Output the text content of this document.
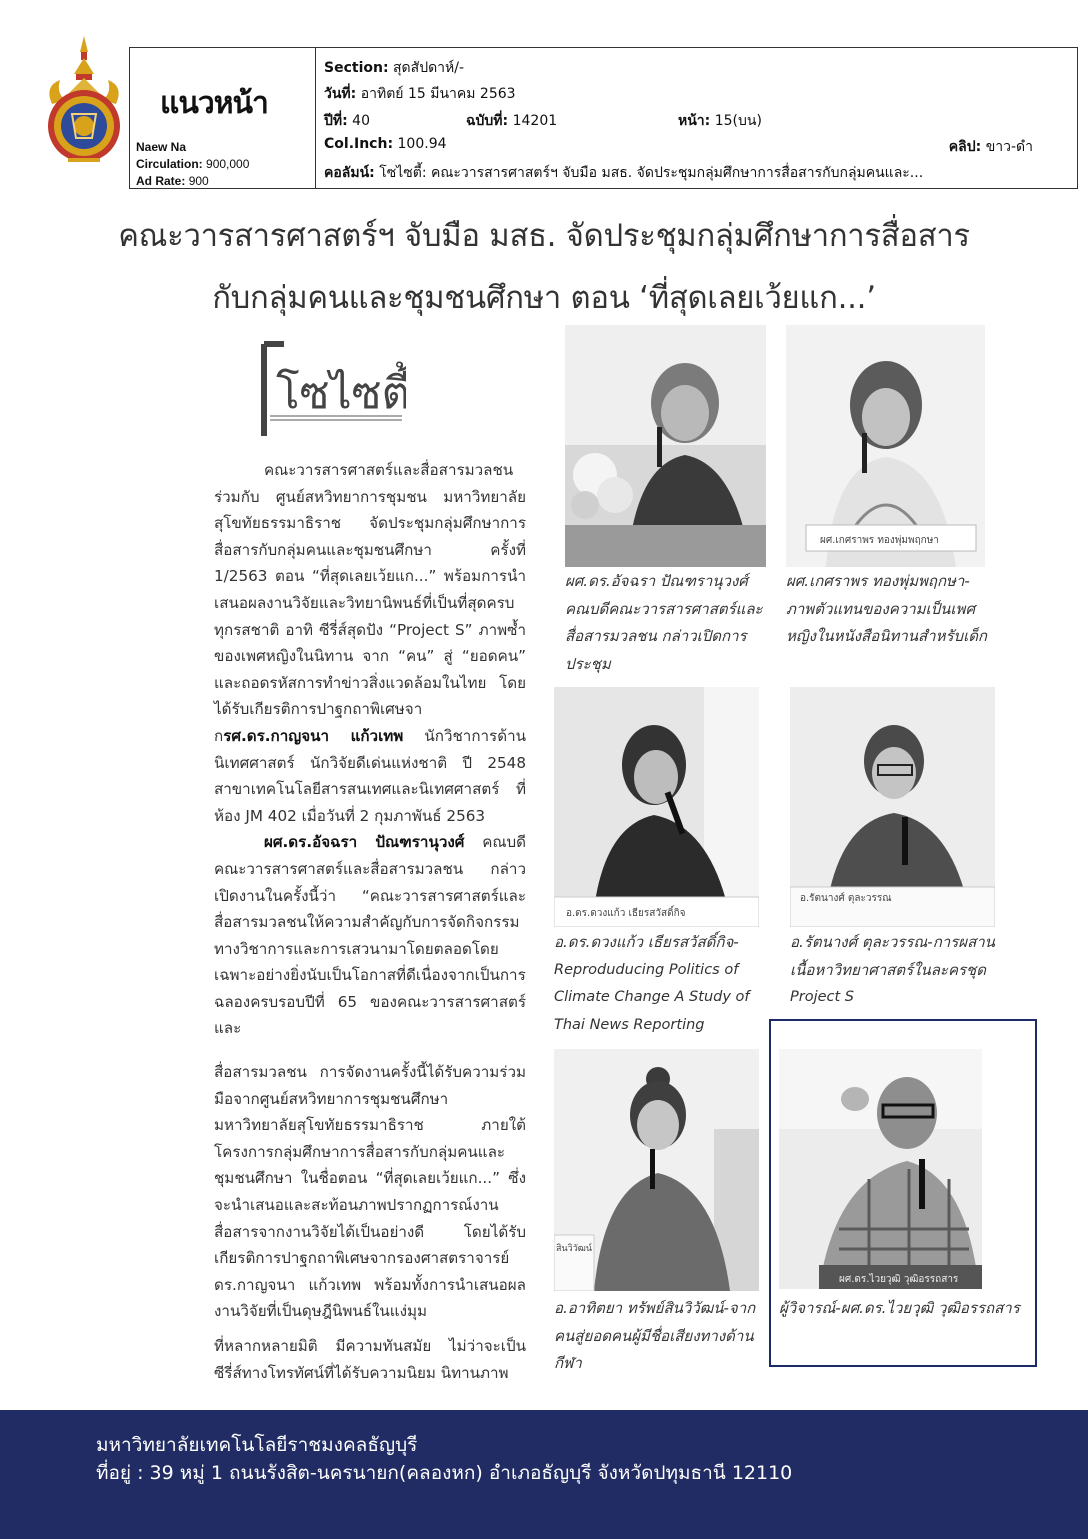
แนวหน้า
Naew Na
Circulation: 900,000
Ad Rate: 900
Section: สุดสัปดาห์/-
วันที่: อาทิตย์ 15 มีนาคม 2563
ปีที่: 40	ฉบับที่: 14201	หน้า: 15(บน)
Col.Inch: 100.94	คลิป: ขาว-ดำ
คอลัมน์: โซไซตี้: คณะวารสารศาสตร์ฯ จับมือ มสธ. จัดประชุมกลุ่มศึกษาการสื่อสารกับกลุ่มคนและ...
คณะวารสารศาสตร์ฯ จับมือ มสธ. จัดประชุมกลุ่มศึกษาการสื่อสาร
กับกลุ่มคนและชุมชนศึกษา ตอน ‘ที่สุดเลยเว้ยแก...’
โซไซตี้

คณะวารสารศาสตร์และสื่อสารมวลชน ร่วมกับ ศูนย์สหวิทยาการชุมชน มหาวิทยาลัยสุโขทัยธรรมาธิราช จัดประชุมกลุ่มศึกษาการสื่อสารกับกลุ่มคนและชุมชนศึกษา ครั้งที่ 1/2563 ตอน “ที่สุดเลยเว้ยแก...” พร้อมการนำเสนอผลงานวิจัยและวิทยานิพนธ์ที่เป็นที่สุดครบทุกรสชาติ อาทิ ซีรี่ส์สุดปัง “Project S” ภาพซ้ำของเพศหญิงในนิทาน จาก “คน” สู่ “ยอดคน” และถอดรหัสการทำข่าวสิ่งแวดล้อมในไทย โดยได้รับเกียรติการปาฐกถาพิเศษจากรศ.ดร.กาญจนา แก้วเทพ นักวิชาการด้านนิเทศศาสตร์ นักวิจัยดีเด่นแห่งชาติ ปี 2548 สาขาเทคโนโลยีสารสนเทศและนิเทศศาสตร์ ที่ห้อง JM 402 เมื่อวันที่ 2 กุมภาพันธ์ 2563

ผศ.ดร.อัจฉรา ปัณฑรานุวงศ์ คณบดีคณะวารสารศาสตร์และสื่อสารมวลชน กล่าวเปิดงานในครั้งนี้ว่า “คณะวารสารศาสตร์และสื่อสารมวลชนให้ความสำคัญกับการจัดกิจกรรมทางวิชาการและการเสวนามาโดยตลอดโดยเฉพาะอย่างยิ่งนับเป็นโอกาสที่ดีเนื่องจากเป็นการฉลองครบรอบปีที่ 65 ของคณะวารสารศาสตร์และ

สื่อสารมวลชน การจัดงานครั้งนี้ได้รับความร่วมมือจากศูนย์สหวิทยาการชุมชนศึกษา มหาวิทยาลัยสุโขทัยธรรมาธิราช ภายใต้โครงการกลุ่มศึกษาการสื่อสารกับกลุ่มคนและชุมชนศึกษา ในชื่อตอน “ที่สุดเลยเว้ยแก...” ซึ่งจะนำเสนอและสะท้อนภาพปรากฏการณ์งานสื่อสารจากงานวิจัยได้เป็นอย่างดี โดยได้รับเกียรติการปาฐกถาพิเศษจากรองศาสตราจารย์ ดร.กาญจนา แก้วเทพ พร้อมทั้งการนำเสนอผลงานวิจัยที่เป็นดุษฎีนิพนธ์ในแง่มุม

ที่หลากหลายมิติ มีความทันสมัย ไม่ว่าจะเป็นซีรี่ส์ทางโทรทัศน์ที่ได้รับความนิยม นิทานภาพ

ผศ.ดร.อัจฉรา ปัณฑรานุวงศ์ คณบดีคณะวารสารศาสตร์และสื่อสารมวลชน กล่าวเปิดการประชุม
ผศ.เกศราพร ทองพุ่มพฤกษา
ผศ.เกศราพร ทองพุ่มพฤกษา-ภาพตัวแทนของความเป็นเพศหญิงในหนังสือนิทานสำหรับเด็ก
อ.ดร.ดวงแก้ว เธียรสวัสดิ์กิจ
อ.ดร.ดวงแก้ว เธียรสวัสดิ์กิจ-
Reproduducing Politics of Climate Change A Study of Thai News Reporting
อ.รัตนางศ์ ตุละวรรณ
อ.รัตนางศ์ ตุละวรรณ-การผสานเนื้อหาวิทยาศาสตร์ในละครชุด
Project S
สินวิวัฒน์
อ.อาทิตยา ทรัพย์สินวิวัฒน์-จากคนสู่ยอดคนผู้มีชื่อเสียงทางด้านกีฬา
ผศ.ดร.ไวยวุฒิ วุฒิอรรถสาร
ผู้วิจารณ์-ผศ.ดร.ไวยวุฒิ วุฒิอรรถสาร
มหาวิทยาลัยเทคโนโลยีราชมงคลธัญบุรี
ที่อยู่ : 39 หมู่ 1 ถนนรังสิต-นครนายก(คลองหก) อำเภอธัญบุรี จังหวัดปทุมธานี 12110
